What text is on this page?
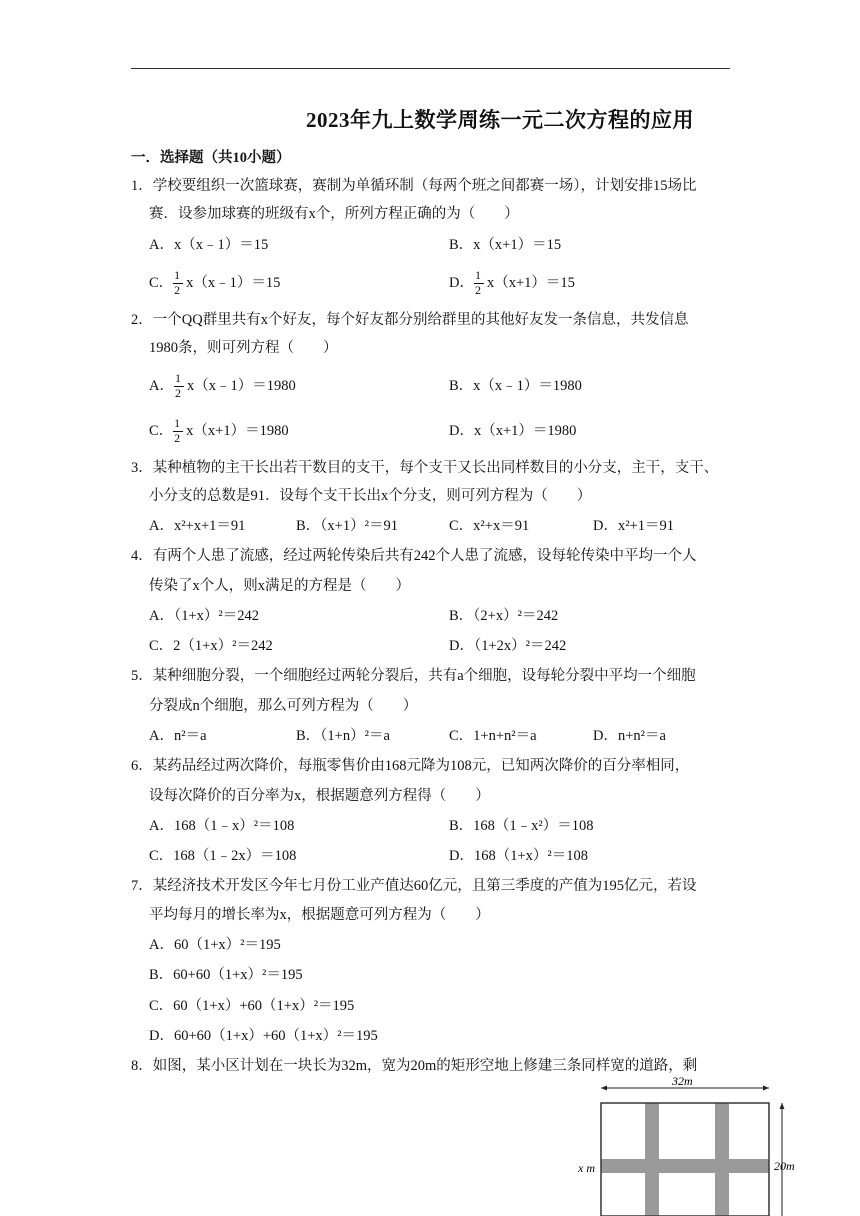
2023年九上数学周练一元二次方程的应用
一．选择题（共10小题）
1．学校要组织一次篮球赛，赛制为单循环制（每两个班之间都赛一场），计划安排15场比
赛．设参加球赛的班级有x个，所列方程正确的为（　　）
A．x（x﹣1）＝15	B．x（x+1）＝15
C． $\frac{1}{2}$ x（x﹣1）＝15	D． $\frac{1}{2} x(x+1)=15$
2．一个QQ群里共有x个好友，每个好友都分别给群里的其他好友发一条信息，共发信息
1980条，则可列方程（　　）
A． $\frac{1}{2}$ x（x﹣1）＝1980	B．x（x﹣1）＝1980
C． $\frac{1}{2} x(x+1)=1980$	D．x（x+1）＝1980
3．某种植物的主干长出若干数目的支干，每个支干又长出同样数目的小分支，主干，支干、
小分支的总数是91．设每个支干长出x个分支，则可列方程为（　　）
A．x²+x+1＝91	B．（x+1）²＝91	C．x²+x＝91	D．x²+1＝91
4．有两个人患了流感，经过两轮传染后共有242个人患了流感，设每轮传染中平均一个人
传染了x个人，则x满足的方程是（　　）
A．（1+x）²＝242	B．（2+x）²＝242
C．2（1+x）²＝242	D．（1+2x）²＝242
5．某种细胞分裂，一个细胞经过两轮分裂后，共有a个细胞，设每轮分裂中平均一个细胞
分裂成n个细胞，那么可列方程为（　　）
A．n²＝a	B．（1+n）²＝a	C．1+n+n²＝a	D．n+n²＝a
6．某药品经过两次降价，每瓶零售价由168元降为108元，已知两次降价的百分率相同，
设每次降价的百分率为x，根据题意列方程得（　　）
A．168（1﹣x）²＝108	B．168（1﹣x²）＝108
C．168（1﹣2x）＝108	D．168（1+x）²＝108
7．某经济技术开发区今年七月份工业产值达60亿元，且第三季度的产值为195亿元，若设
平均每月的增长率为x，根据题意可列方程为（　　）
A．60（1+x）²＝195
B．60+60（1+x）²＝195
C．60（1+x）+60（1+x）²＝195
D．60+60（1+x）+60（1+x）²＝195
8．如图，某小区计划在一块长为32m，宽为20m的矩形空地上修建三条同样宽的道路，剩
32m
20m
x m
